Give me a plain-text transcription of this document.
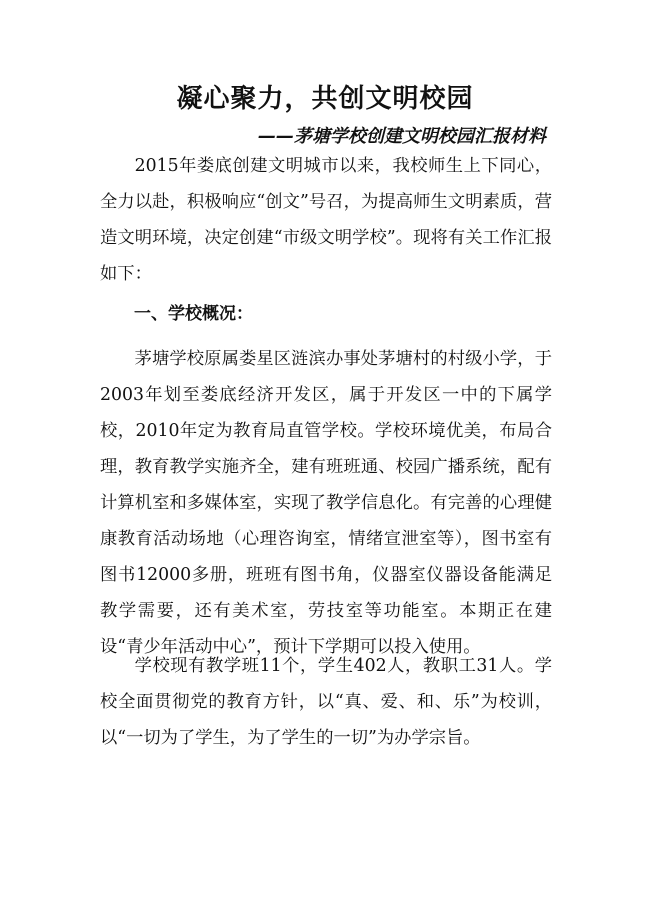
凝心聚力，共创文明校园
——茅塘学校创建文明校园汇报材料

2015年娄底创建文明城市以来，我校师生上下同心，全力以赴，积极响应“创文”号召，为提高师生文明素质，营造文明环境，决定创建“市级文明学校”。现将有关工作汇报如下：

一、学校概况：

茅塘学校原属娄星区涟滨办事处茅塘村的村级小学，于2003年划至娄底经济开发区，属于开发区一中的下属学校，2010年定为教育局直管学校。学校环境优美，布局合理，教育教学实施齐全，建有班班通、校园广播系统，配有计算机室和多媒体室，实现了教学信息化。有完善的心理健康教育活动场地（心理咨询室，情绪宣泄室等），图书室有图书12000多册，班班有图书角，仪器室仪器设备能满足教学需要，还有美术室，劳技室等功能室。本期正在建设“青少年活动中心”，预计下学期可以投入使用。

学校现有教学班11个，学生402人，教职工31人。学校全面贯彻党的教育方针，以“真、爱、和、乐”为校训，以“一切为了学生，为了学生的一切”为办学宗旨。
